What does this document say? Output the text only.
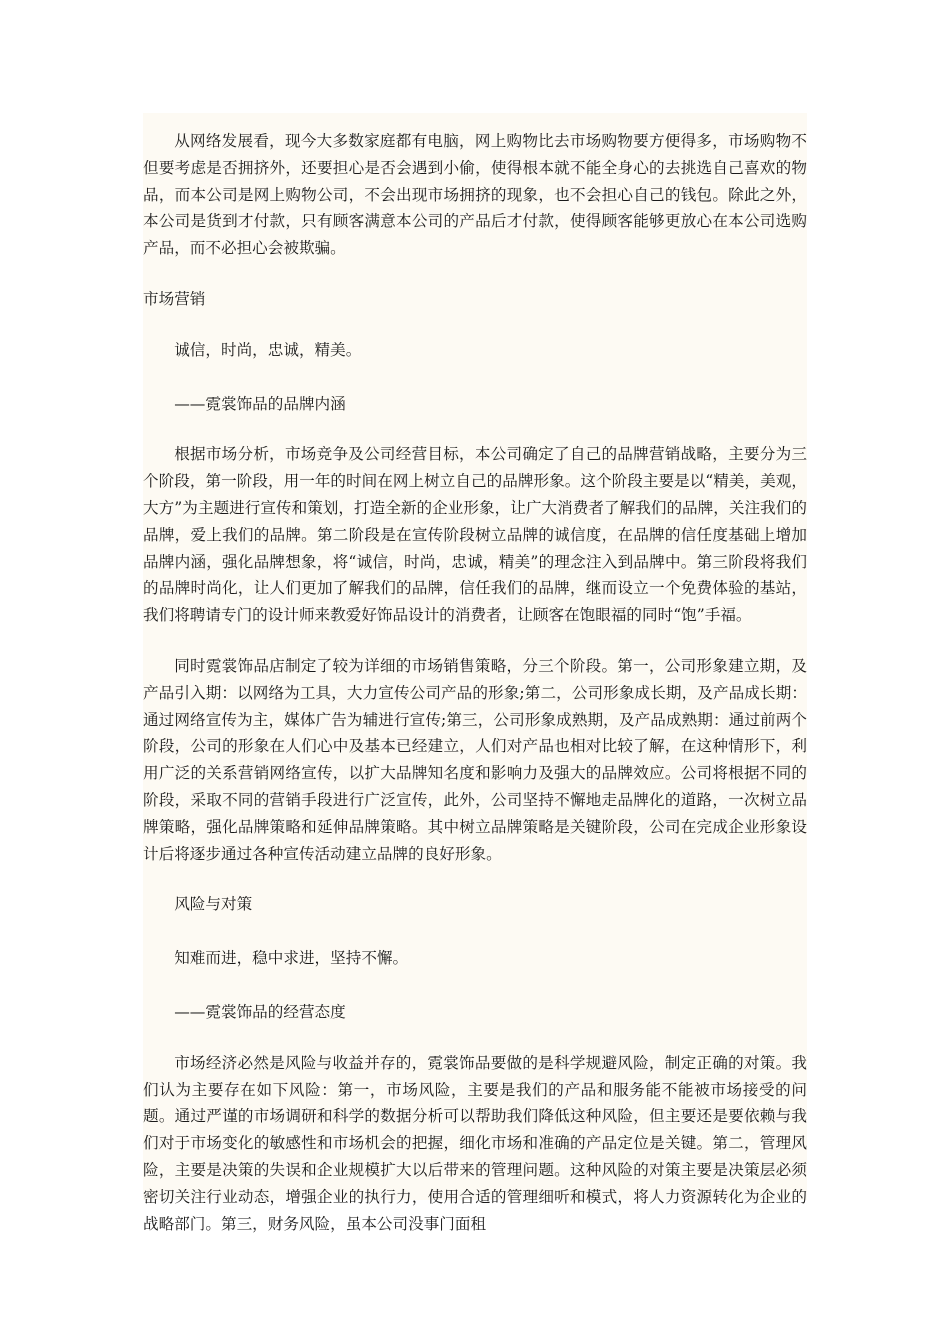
从网络发展看，现今大多数家庭都有电脑，网上购物比去市场购物要方便得多，市场购物不但要考虑是否拥挤外，还要担心是否会遇到小偷，使得根本就不能全身心的去挑选自己喜欢的物品，而本公司是网上购物公司，不会出现市场拥挤的现象，也不会担心自己的钱包。除此之外，本公司是货到才付款，只有顾客满意本公司的产品后才付款，使得顾客能够更放心在本公司选购产品，而不必担心会被欺骗。

市场营销

诚信，时尚，忠诚，精美。

——霓裳饰品的品牌内涵

根据市场分析，市场竞争及公司经营目标，本公司确定了自己的品牌营销战略，主要分为三个阶段，第一阶段，用一年的时间在网上树立自己的品牌形象。这个阶段主要是以“精美，美观，大方”为主题进行宣传和策划，打造全新的企业形象，让广大消费者了解我们的品牌，关注我们的品牌，爱上我们的品牌。第二阶段是在宣传阶段树立品牌的诚信度，在品牌的信任度基础上增加品牌内涵，强化品牌想象，将“诚信，时尚，忠诚，精美”的理念注入到品牌中。第三阶段将我们的品牌时尚化，让人们更加了解我们的品牌，信任我们的品牌，继而设立一个免费体验的基站，我们将聘请专门的设计师来教爱好饰品设计的消费者，让顾客在饱眼福的同时“饱”手福。

同时霓裳饰品店制定了较为详细的市场销售策略，分三个阶段。第一，公司形象建立期，及产品引入期：以网络为工具，大力宣传公司产品的形象;第二，公司形象成长期，及产品成长期：通过网络宣传为主，媒体广告为辅进行宣传;第三，公司形象成熟期，及产品成熟期：通过前两个阶段，公司的形象在人们心中及基本已经建立，人们对产品也相对比较了解，在这种情形下，利用广泛的关系营销网络宣传，以扩大品牌知名度和影响力及强大的品牌效应。公司将根据不同的阶段，采取不同的营销手段进行广泛宣传，此外，公司坚持不懈地走品牌化的道路，一次树立品牌策略，强化品牌策略和延伸品牌策略。其中树立品牌策略是关键阶段，公司在完成企业形象设计后将逐步通过各种宣传活动建立品牌的良好形象。

风险与对策

知难而进，稳中求进，坚持不懈。

——霓裳饰品的经营态度

市场经济必然是风险与收益并存的，霓裳饰品要做的是科学规避风险，制定正确的对策。我们认为主要存在如下风险：第一，市场风险，主要是我们的产品和服务能不能被市场接受的问题。通过严谨的市场调研和科学的数据分析可以帮助我们降低这种风险，但主要还是要依赖与我们对于市场变化的敏感性和市场机会的把握，细化市场和准确的产品定位是关键。第二，管理风险，主要是决策的失误和企业规模扩大以后带来的管理问题。这种风险的对策主要是决策层必须密切关注行业动态，增强企业的执行力，使用合适的管理细听和模式，将人力资源转化为企业的战略部门。第三，财务风险，虽本公司没事门面租
